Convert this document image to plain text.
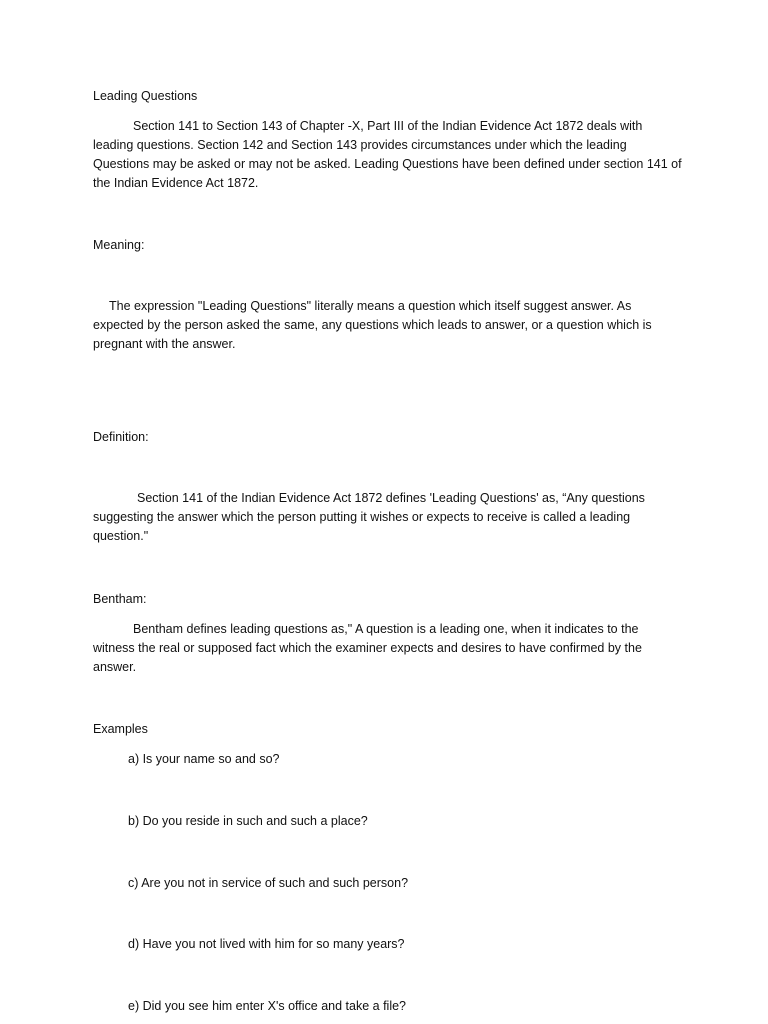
Leading Questions

Section 141 to Section 143 of Chapter -X, Part III of the Indian Evidence Act 1872 deals with leading questions. Section 142 and Section 143 provides circumstances under which the leading Questions may be asked or may not be asked. Leading Questions have been defined under section 141 of the Indian Evidence Act 1872.

Meaning:

The expression "Leading Questions" literally means a question which itself suggest answer. As expected by the person asked the same, any questions which leads to answer, or a question which is pregnant with the answer.

Definition:

Section 141 of the Indian Evidence Act 1872 defines 'Leading Questions' as, “Any questions suggesting the answer which the person putting it wishes or expects to receive is called a leading question."

Bentham:

Bentham defines leading questions as," A question is a leading one, when it indicates to the witness the real or supposed fact which the examiner expects and desires to have confirmed by the answer.

Examples

a) Is your name so and so?

b) Do you reside in such and such a place?

c) Are you not in service of such and such person?

d) Have you not lived with him for so many years?

e) Did you see him enter X's office and take a file?
